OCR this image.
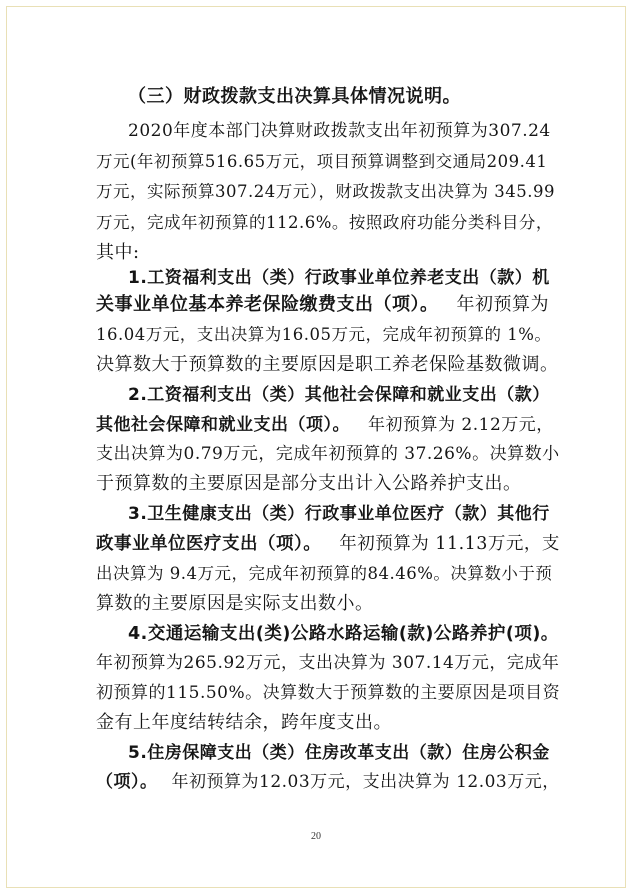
（三）财政拨款支出决算具体情况说明。
2020年度本部门决算财政拨款支出年初预算为307.24
万元(年初预算516.65万元，项目预算调整到交通局209.41
万元，实际预算307.24万元），财政拨款支出决算为 345.99
万元，完成年初预算的112.6%。按照政府功能分类科目分，
其中:
1.工资福利支出（类）行政事业单位养老支出（款）机
关事业单位基本养老保险缴费支出（项）。 年初预算为
16.04万元，支出决算为16.05万元，完成年初预算的 1%。
决算数大于预算数的主要原因是职工养老保险基数微调。
2.工资福利支出（类）其他社会保障和就业支出（款）
其他社会保障和就业支出（项）。 年初预算为 2.12万元，
支出决算为0.79万元，完成年初预算的 37.26%。决算数小
于预算数的主要原因是部分支出计入公路养护支出。
3.卫生健康支出（类）行政事业单位医疗（款）其他行
政事业单位医疗支出（项）。 年初预算为 11.13万元，支
出决算为 9.4万元，完成年初预算的84.46%。决算数小于预
算数的主要原因是实际支出数小。
4.交通运输支出(类)公路水路运输(款)公路养护(项)。
年初预算为265.92万元，支出决算为 307.14万元，完成年
初预算的115.50%。决算数大于预算数的主要原因是项目资
金有上年度结转结余，跨年度支出。
5.住房保障支出（类）住房改革支出（款）住房公积金
（项）。 年初预算为12.03万元，支出决算为 12.03万元，
20
